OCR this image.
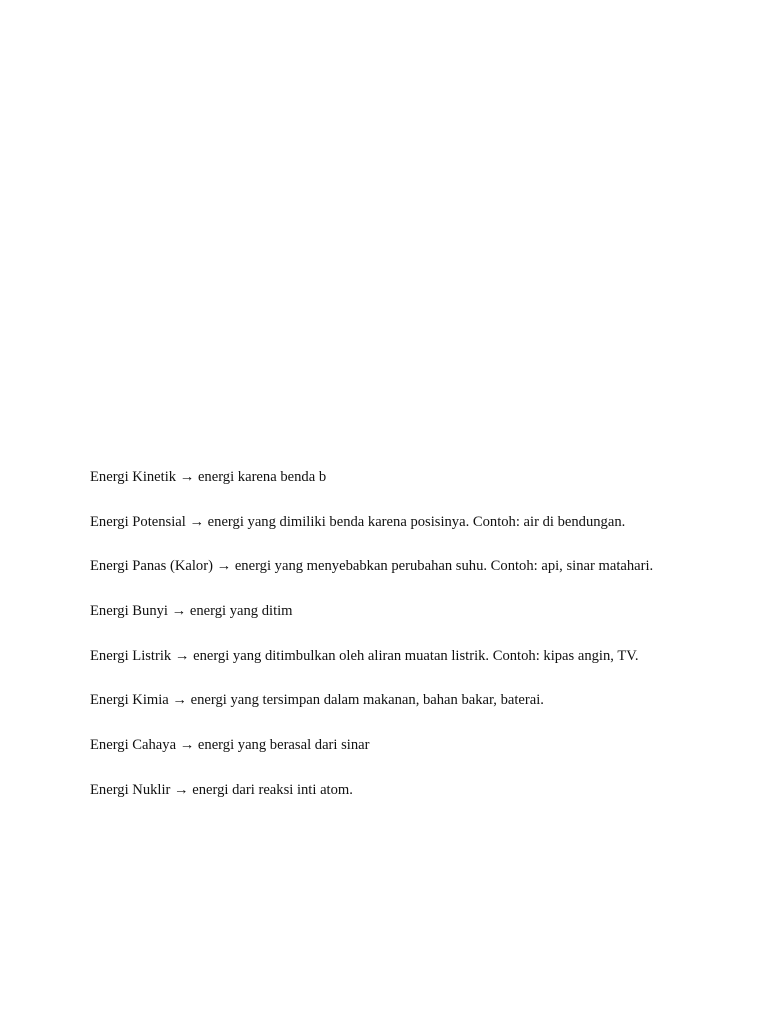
Energi Kinetik → energi karena benda b

Energi Potensial → energi yang dimiliki benda karena posisinya. Contoh: air di bendungan.

Energi Panas (Kalor) → energi yang menyebabkan perubahan suhu. Contoh: api, sinar matahari.

Energi Bunyi → energi yang ditim

Energi Listrik → energi yang ditimbulkan oleh aliran muatan listrik. Contoh: kipas angin, TV.

Energi Kimia → energi yang tersimpan dalam makanan, bahan bakar, baterai.

Energi Cahaya → energi yang berasal dari sinar

Energi Nuklir → energi dari reaksi inti atom.
